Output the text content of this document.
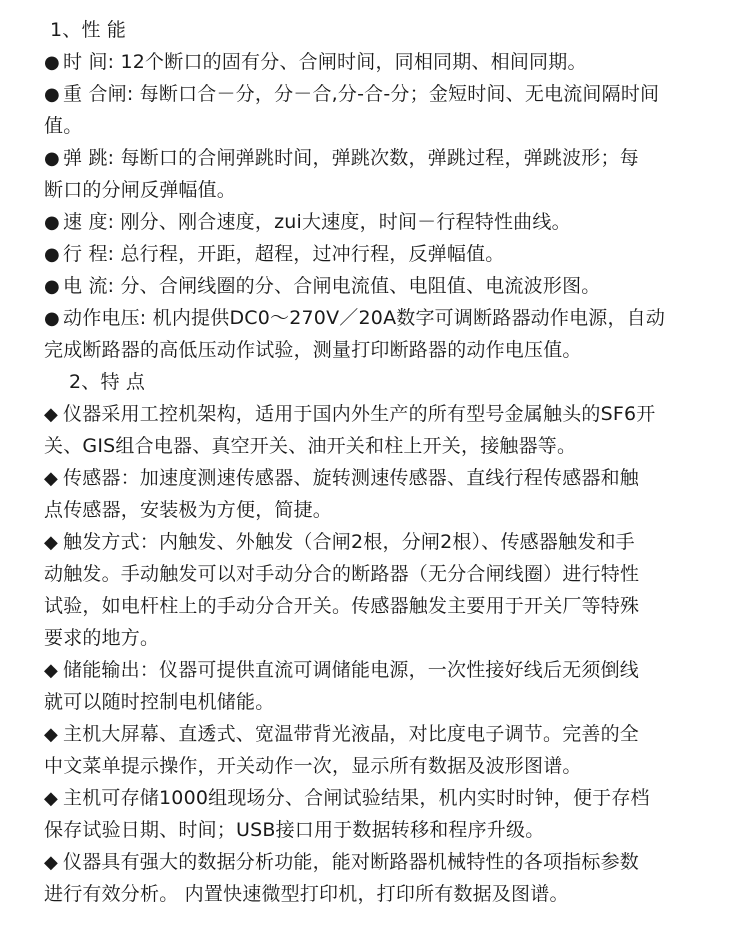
1、性 能
● 时 间: 12个断口的固有分、合闸时间，同相同期、相间同期。
● 重 合闸: 每断口合－分，分－合,分-合-分；金短时间、无电流间隔时间
值。
● 弹 跳: 每断口的合闸弹跳时间，弹跳次数，弹跳过程，弹跳波形；每
断口的分闸反弹幅值。
● 速 度: 刚分、刚合速度，zui大速度，时间－行程特性曲线。
● 行 程: 总行程，开距，超程，过冲行程，反弹幅值。
● 电 流: 分、合闸线圈的分、合闸电流值、电阻值、电流波形图。
● 动作电压: 机内提供DC0～270V／20A数字可调断路器动作电源，自动
完成断路器的高低压动作试验，测量打印断路器的动作电压值。
2、特 点
◆ 仪器采用工控机架构，适用于国内外生产的所有型号金属触头的SF6开
关、GIS组合电器、真空开关、油开关和柱上开关，接触器等。
◆ 传感器：加速度测速传感器、旋转测速传感器、直线行程传感器和触
点传感器，安装极为方便，简捷。
◆ 触发方式：内触发、外触发（合闸2根，分闸2根）、传感器触发和手
动触发。手动触发可以对手动分合的断路器（无分合闸线圈）进行特性
试验，如电杆柱上的手动分合开关。传感器触发主要用于开关厂等特殊
要求的地方。
◆ 储能输出：仪器可提供直流可调储能电源，一次性接好线后无须倒线
就可以随时控制电机储能。
◆ 主机大屏幕、直透式、宽温带背光液晶，对比度电子调节。完善的全
中文菜单提示操作，开关动作一次，显示所有数据及波形图谱。
◆ 主机可存储1000组现场分、合闸试验结果，机内实时时钟，便于存档
保存试验日期、时间；USB接口用于数据转移和程序升级。
◆ 仪器具有强大的数据分析功能，能对断路器机械特性的各项指标参数
进行有效分析。 内置快速微型打印机，打印所有数据及图谱。
